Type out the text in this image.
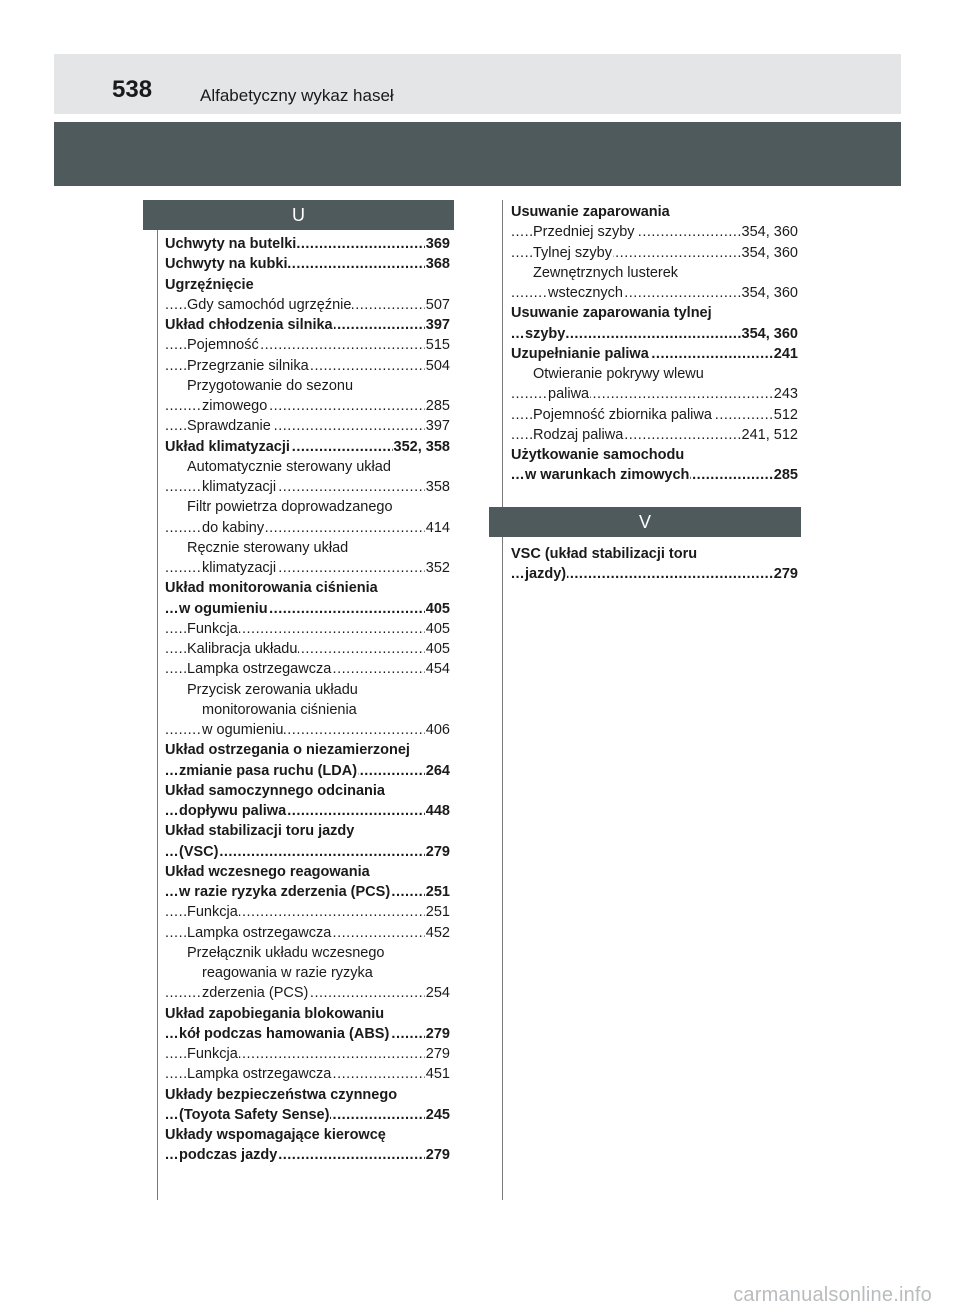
538	Alfabetyczny wykaz haseł
U
Uchwyty na butelki	369
.....
Uchwyty na kubki	368
.....
Ugrzęźnięcie
Gdy samochód ugrzęźnie	507
.....
Układ chłodzenia silnika	397
.....
Pojemność	515
.....
Przegrzanie silnika	504
.....
Przygotowanie do sezonu
zimowego	285
.....
Sprawdzanie	397
.....
Układ klimatyzacji	352, 358
.....
Automatycznie sterowany układ
klimatyzacji	358
.....
Filtr powietrza doprowadzanego
do kabiny	414
.....
Ręcznie sterowany układ
klimatyzacji	352
.....
Układ monitorowania ciśnienia
w ogumieniu	405
.....
Funkcja	405
.....
Kalibracja układu	405
.....
Lampka ostrzegawcza	454
.....
Przycisk zerowania układu
monitorowania ciśnienia
w ogumieniu	406
.....
Układ ostrzegania o niezamierzonej
zmianie pasa ruchu (LDA)	264
.....
Układ samoczynnego odcinania
dopływu paliwa	448
.....
Układ stabilizacji toru jazdy
(VSC)	279
.....
Układ wczesnego reagowania
w razie ryzyka zderzenia (PCS) 251
.....
Funkcja	251
.....
Lampka ostrzegawcza	452
.....
Przełącznik układu wczesnego
reagowania w razie ryzyka
zderzenia (PCS)	254
.....
Układ zapobiegania blokowaniu
kół podczas hamowania (ABS)	279
.....
Funkcja	279
.....
Lampka ostrzegawcza	451
.....
Układy bezpieczeństwa czynnego
(Toyota Safety Sense)	245
.....
Układy wspomagające kierowcę
podczas jazdy	279
.....
Usuwanie zaparowania
Przedniej szyby	354, 360
.....
Tylnej szyby	354, 360
.....
Zewnętrznych lusterek
wstecznych	354, 360
.....
Usuwanie zaparowania tylnej
szyby	354, 360
.....
Uzupełnianie paliwa	241
.....
Otwieranie pokrywy wlewu
paliwa	243
.....
Pojemność zbiornika paliwa	512
.....
Rodzaj paliwa	241, 512
.....
Użytkowanie samochodu
w warunkach zimowych	285
.....
V
VSC (układ stabilizacji toru
jazdy)	279
.....
carmanualsonline.info
